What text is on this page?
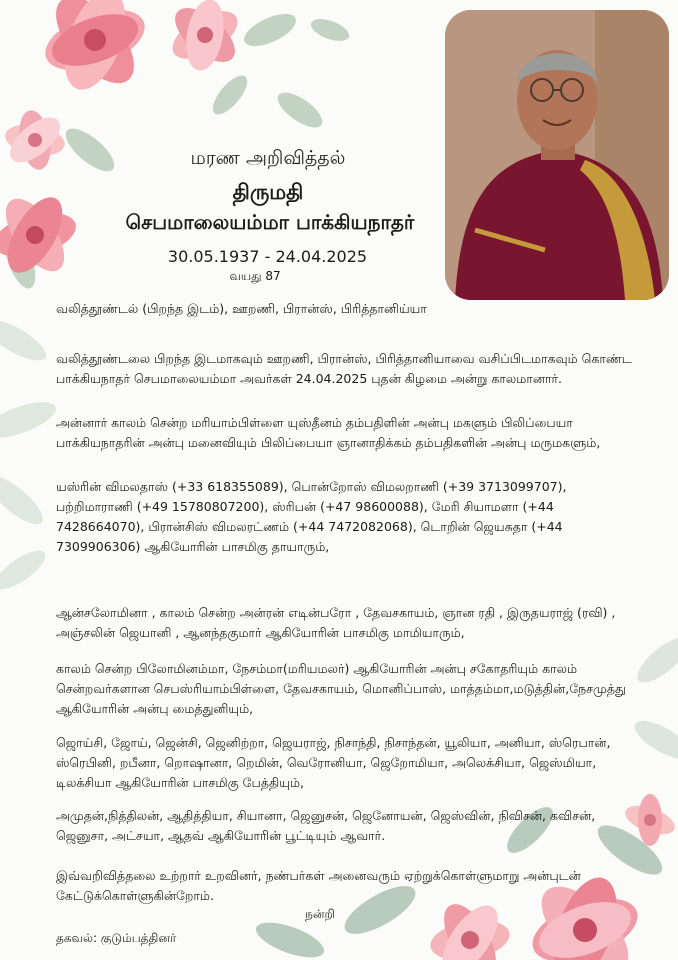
மரண அறிவித்தல்
திருமதி
செபமாலையம்மா பாக்கியநாதர்
30.05.1937 - 24.04.2025
வயது 87
வலித்தூண்டல் (பிறந்த இடம்), ஊறணி, பிரான்ஸ், பிரித்தானிய்யா
வலித்தூண்டலை பிறந்த இடமாகவும் ஊறணி, பிரான்ஸ், பிரித்தானியாவை வசிப்பிடமாகவும் கொண்ட பாக்கியநாதர் செபமாலையம்மா அவர்கள் 24.04.2025 புதன் கிழமை அன்று காலமானார்.
அன்னார் காலம் சென்ற மரியாம்பிள்ளை யுஸ்தீனம் தம்பதிளின் அன்பு மகளும் பிலிப்பையா பாக்கியநாதரின் அன்பு மனைவியும் பிலிப்பையா ஞானாதிக்கம் தம்பதிகளின் அன்பு மருமகளும்,
யஸ்ரின் விமலதாஸ் (+33 618355089), பொன்றோஸ் விமலறாணி (+39 3713099707), பற்றிமாராணி (+49 15780807200), ஸ்ரிபன் (+47 98600088), மேரி சியாமளா (+44 7428664070), பிரான்சிஸ் விமலரட்ணம் (+44 7472082068), டொறின் ஜெயசுதா (+44 7309906306) ஆகியோரின் பாசமிகு தாயாரும்,
ஆன்சலோமினா , காலம் சென்ற அன்ரன் எடின்பரோ , தேவசகாயம், ஞான ரதி , இருதயராஜ் (ரவி) , அஞ்சலின் ஜெயானி , ஆனந்தகுமார் ஆகியோரின் பாசமிகு மாமியாரும்,
காலம் சென்ற பிலோமினம்மா, நேசம்மா(மரியமலர்) ஆகியோரின் அன்பு சகோதரியும் காலம் சென்றவர்களான செபஸ்ரியாம்பிள்ளை, தேவசகாயம், மொனிப்பாஸ், மாத்தம்மா,மடுத்தின்,நேசமுத்து ஆகியோரின் அன்பு மைத்துனியும்,
ஜொய்சி, ஜோய், ஜென்சி, ஜெனிற்றா, ஜெயராஜ், நிசாந்தி, நிசாந்தன், யூலியா, அனியா, ஸ்ரெபான், ஸ்ரெபினி, றபீனா, றொஷானா, றெமின், வெரோனியா, ஜெறோமியா, அலெக்சியா, ஜெஸ்மியா, டிலக்சியா ஆகியோரின் பாசமிகு பேத்தியும்,
அமுதன்,நித்திலன், ஆதித்தியா, சியானா, ஜெனுசன், ஜெனோயன், ஜெஸ்வின், நிவிசன், கவிசன், ஜெனுசா, அட்சயா, ஆதவ் ஆகியோரின் பூட்டியும் ஆவார்.
இவ்வறிவித்தலை உற்றார் உறவினர், நண்பர்கள் அனைவரும் ஏற்றுக்கொள்ளுமாறு அன்புடன் கேட்டுக்கொள்ளுகின்றோம்.
நன்றி
தகவல்: குடும்பத்தினர்
